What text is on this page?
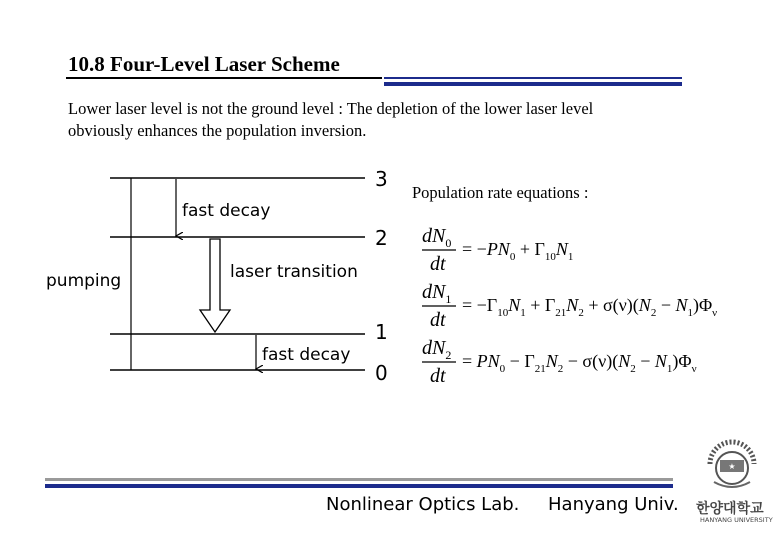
10.8 Four-Level Laser Scheme
Lower laser level is not the ground level : The depletion of the lower laser level
obviously enhances the population inversion.
3
2
1
0
pumping
fast decay
laser transition
fast decay
Population rate equations :
$dN_0$
dt
= $-PN_0 + \Gamma_{10}N_1$
$dN_1$
dt
= $-\Gamma_{10}N_1 + \Gamma_{21}N_2 + \sigma(\nu)(N_2 - N_1)\Phi_\nu$
$dN_2$
dt
= $PN_0 - \Gamma_{21}N_2 - \sigma(\nu)(N_2 - N_1)\Phi_\nu$
Nonlinear Optics Lab. Hanyang Univ.
★
한양대학교
HANYANG UNIVERSITY
